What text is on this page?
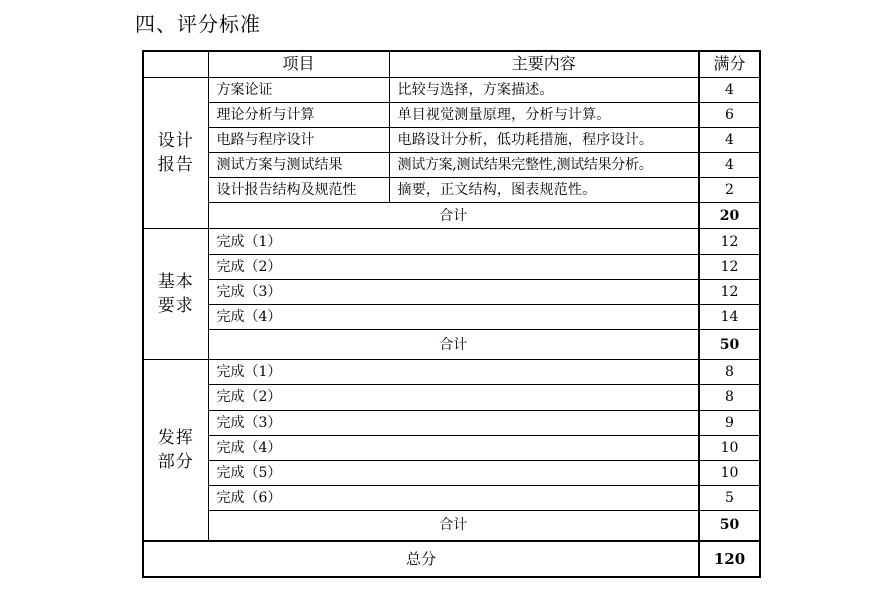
四、评分标准
	项目	主要内容	满分

设计
报告	方案论证	比较与选择，方案描述。	4
	理论分析与计算	单目视觉测量原理，分析与计算。	6
	电路与程序设计	电路设计分析，低功耗措施，程序设计。	4
	测试方案与测试结果	测试方案,测试结果完整性,测试结果分析。	4
	设计报告结构及规范性	摘要，正文结构，图表规范性。	2
	合计		20

基本
要求	完成（1）		12
	完成（2）		12
	完成（3）		12
	完成（4）		14
	合计		50

发挥
部分	完成（1）		8
	完成（2）		8
	完成（3）		9
	完成（4）		10
	完成（5）		10
	完成（6）		5
	合计		50
总分			120
